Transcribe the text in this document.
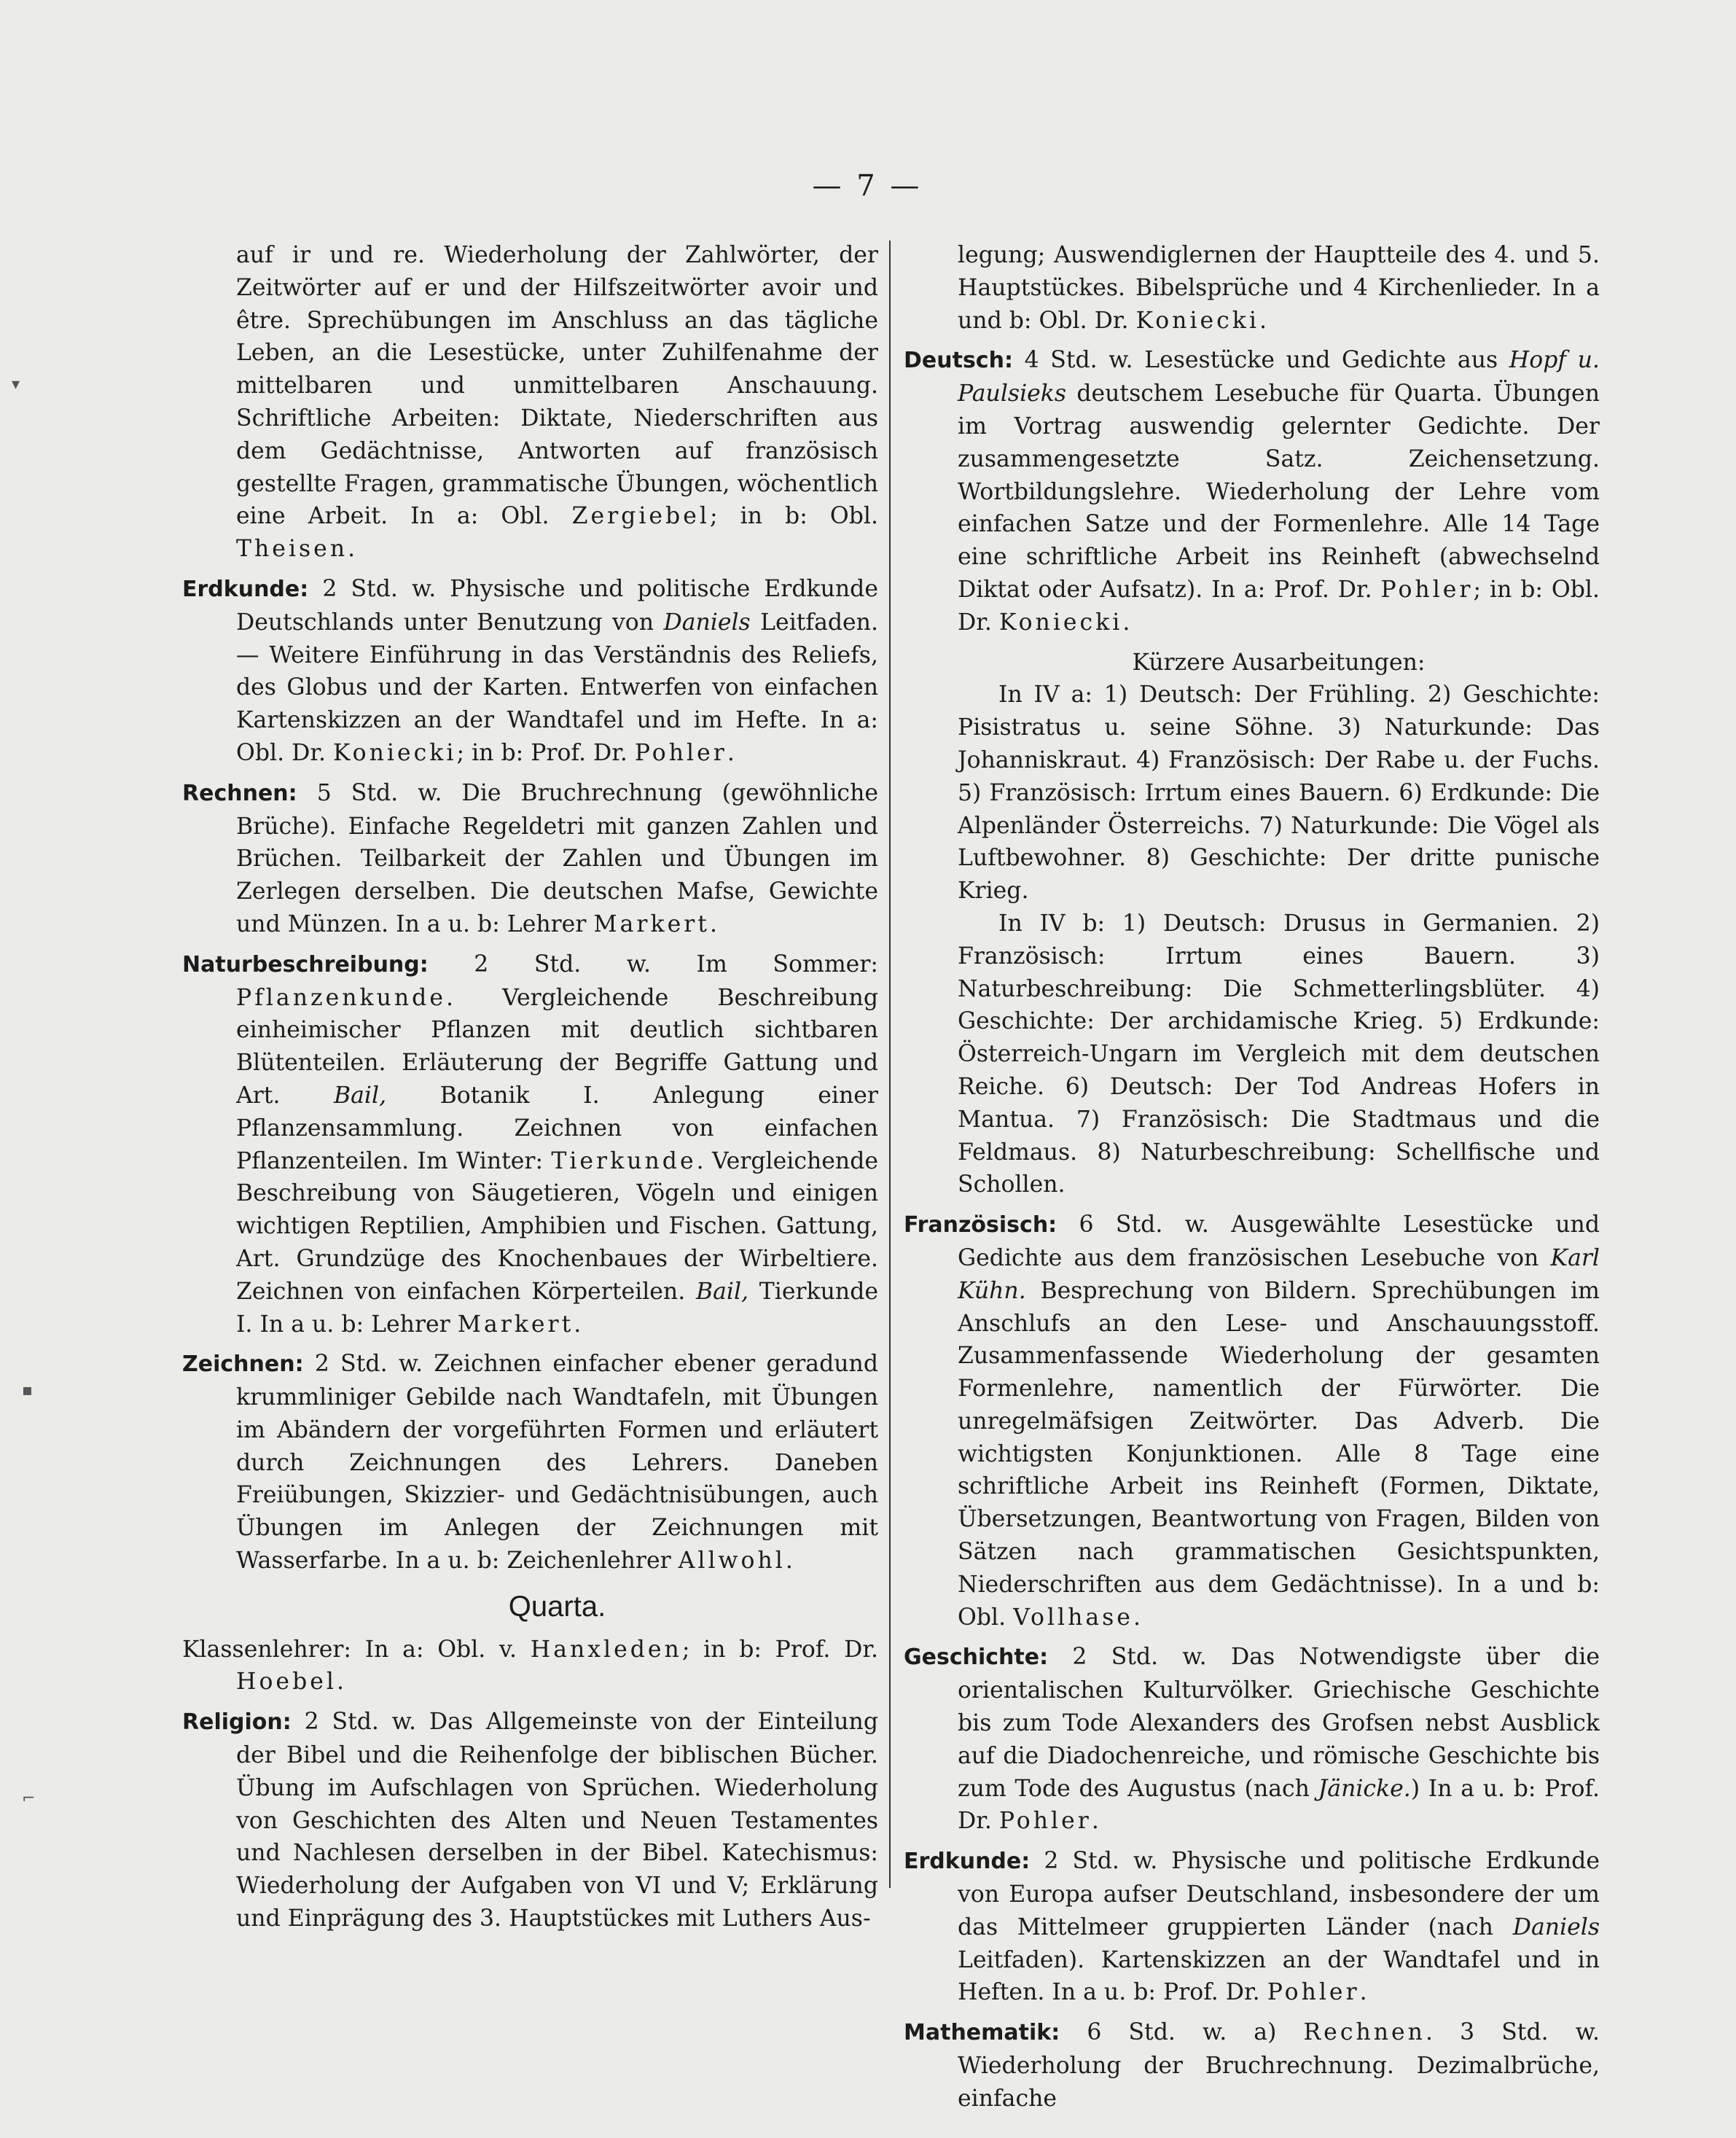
— 7 —
▾
▪
⌐

auf ir und re. Wiederholung der Zahlwörter, der Zeitwörter auf er und der Hilfszeitwörter avoir und être. Sprechübungen im Anschluss an das tägliche Leben, an die Lesestücke, unter Zuhilfenahme der mittelbaren und unmittelbaren Anschauung. Schriftliche Arbeiten: Diktate, Niederschriften aus dem Gedächtnisse, Antworten auf französisch gestellte Fragen, grammatische Übungen, wöchentlich eine Arbeit. In a: Obl. Zergiebel; in b: Obl. Theisen.

Erdkunde: 2 Std. w. Physische und politische Erdkunde Deutschlands unter Benutzung von Daniels Leitfaden. — Weitere Einführung in das Verständnis des Reliefs, des Globus und der Karten. Entwerfen von einfachen Kartenskizzen an der Wandtafel und im Hefte. In a: Obl. Dr. Koniecki; in b: Prof. Dr. Pohler.

Rechnen: 5 Std. w. Die Bruchrechnung (gewöhnliche Brüche). Einfache Regeldetri mit ganzen Zahlen und Brüchen. Teilbarkeit der Zahlen und Übungen im Zerlegen derselben. Die deutschen Mafse, Gewichte und Münzen. In a u. b: Lehrer Markert.

Naturbeschreibung: 2 Std. w. Im Sommer: Pflanzenkunde. Vergleichende Beschreibung einheimischer Pflanzen mit deutlich sichtbaren Blütenteilen. Erläuterung der Begriffe Gattung und Art. Bail, Botanik I. Anlegung einer Pflanzensammlung. Zeichnen von einfachen Pflanzenteilen. Im Winter: Tierkunde. Vergleichende Beschreibung von Säugetieren, Vögeln und einigen wichtigen Reptilien, Amphibien und Fischen. Gattung, Art. Grundzüge des Knochenbaues der Wirbeltiere. Zeichnen von einfachen Körperteilen. Bail, Tierkunde I. In a u. b: Lehrer Markert.

Zeichnen: 2 Std. w. Zeichnen einfacher ebener geradund krummliniger Gebilde nach Wandtafeln, mit Übungen im Abändern der vorgeführten Formen und erläutert durch Zeichnungen des Lehrers. Daneben Freiübungen, Skizzier- und Gedächtnisübungen, auch Übungen im Anlegen der Zeichnungen mit Wasserfarbe. In a u. b: Zeichenlehrer Allwohl.

Quarta.

Klassenlehrer: In a: Obl. v. Hanxleden; in b: Prof. Dr. Hoebel.

Religion: 2 Std. w. Das Allgemeinste von der Einteilung der Bibel und die Reihenfolge der biblischen Bücher. Übung im Aufschlagen von Sprüchen. Wiederholung von Geschichten des Alten und Neuen Testamentes und Nachlesen derselben in der Bibel. Katechismus: Wiederholung der Aufgaben von VI und V; Erklärung und Einprägung des 3. Hauptstückes mit Luthers Aus-

legung; Auswendiglernen der Hauptteile des 4. und 5. Hauptstückes. Bibelsprüche und 4 Kirchenlieder. In a und b: Obl. Dr. Koniecki.

Deutsch: 4 Std. w. Lesestücke und Gedichte aus Hopf u. Paulsieks deutschem Lesebuche für Quarta. Übungen im Vortrag auswendig gelernter Gedichte. Der zusammengesetzte Satz. Zeichensetzung. Wortbildungslehre. Wiederholung der Lehre vom einfachen Satze und der Formenlehre. Alle 14 Tage eine schriftliche Arbeit ins Reinheft (abwechselnd Diktat oder Aufsatz). In a: Prof. Dr. Pohler; in b: Obl. Dr. Koniecki.

Kürzere Ausarbeitungen:

In IV a: 1) Deutsch: Der Frühling. 2) Geschichte: Pisistratus u. seine Söhne. 3) Naturkunde: Das Johanniskraut. 4) Französisch: Der Rabe u. der Fuchs. 5) Französisch: Irrtum eines Bauern. 6) Erdkunde: Die Alpenländer Österreichs. 7) Naturkunde: Die Vögel als Luftbewohner. 8) Geschichte: Der dritte punische Krieg.

In IV b: 1) Deutsch: Drusus in Germanien. 2) Französisch: Irrtum eines Bauern. 3) Naturbeschreibung: Die Schmetterlingsblüter. 4) Geschichte: Der archidamische Krieg. 5) Erdkunde: Österreich-Ungarn im Vergleich mit dem deutschen Reiche. 6) Deutsch: Der Tod Andreas Hofers in Mantua. 7) Französisch: Die Stadtmaus und die Feldmaus. 8) Naturbeschreibung: Schellfische und Schollen.

Französisch: 6 Std. w. Ausgewählte Lesestücke und Gedichte aus dem französischen Lesebuche von Karl Kühn. Besprechung von Bildern. Sprechübungen im Anschlufs an den Lese- und Anschauungsstoff. Zusammenfassende Wiederholung der gesamten Formenlehre, namentlich der Fürwörter. Die unregelmäfsigen Zeitwörter. Das Adverb. Die wichtigsten Konjunktionen. Alle 8 Tage eine schriftliche Arbeit ins Reinheft (Formen, Diktate, Übersetzungen, Beantwortung von Fragen, Bilden von Sätzen nach grammatischen Gesichtspunkten, Niederschriften aus dem Gedächtnisse). In a und b: Obl. Vollhase.

Geschichte: 2 Std. w. Das Notwendigste über die orientalischen Kulturvölker. Griechische Geschichte bis zum Tode Alexanders des Grofsen nebst Ausblick auf die Diadochenreiche, und römische Geschichte bis zum Tode des Augustus (nach Jänicke.) In a u. b: Prof. Dr. Pohler.

Erdkunde: 2 Std. w. Physische und politische Erdkunde von Europa aufser Deutschland, insbesondere der um das Mittelmeer gruppierten Länder (nach Daniels Leitfaden). Kartenskizzen an der Wandtafel und in Heften. In a u. b: Prof. Dr. Pohler.

Mathematik: 6 Std. w. a) Rechnen. 3 Std. w. Wiederholung der Bruchrechnung. Dezimalbrüche, einfache
